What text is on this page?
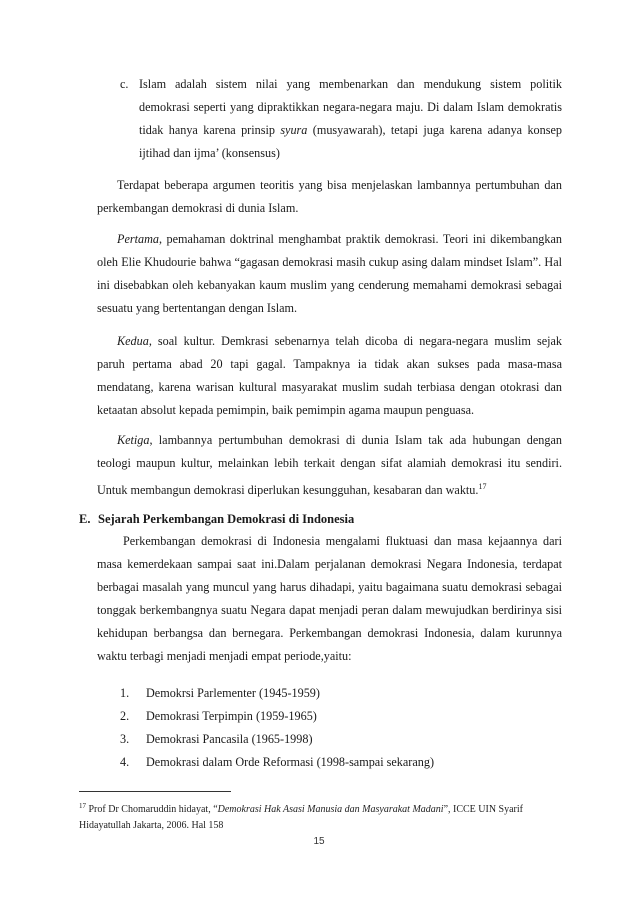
c. Islam adalah sistem nilai yang membenarkan dan mendukung sistem politik demokrasi seperti yang dipraktikkan negara-negara maju. Di dalam Islam demokratis tidak hanya karena prinsip syura (musyawarah), tetapi juga karena adanya konsep ijtihad dan ijma’ (konsensus)

Terdapat beberapa argumen teoritis yang bisa menjelaskan lambannya pertumbuhan dan perkembangan demokrasi di dunia Islam.

Pertama, pemahaman doktrinal menghambat praktik demokrasi. Teori ini dikembangkan oleh Elie Khudourie bahwa “gagasan demokrasi masih cukup asing dalam mindset Islam”. Hal ini disebabkan oleh kebanyakan kaum muslim yang cenderung memahami demokrasi sebagai sesuatu yang bertentangan dengan Islam.

Kedua, soal kultur. Demkrasi sebenarnya telah dicoba di negara-negara muslim sejak paruh pertama abad 20 tapi gagal. Tampaknya ia tidak akan sukses pada masa-masa mendatang, karena warisan kultural masyarakat muslim sudah terbiasa dengan otokrasi dan ketaatan absolut kepada pemimpin, baik pemimpin agama maupun penguasa.

Ketiga, lambannya pertumbuhan demokrasi di dunia Islam tak ada hubungan dengan teologi maupun kultur, melainkan lebih terkait dengan sifat alamiah demokrasi itu sendiri. Untuk membangun demokrasi diperlukan kesungguhan, kesabaran dan waktu.$^{17}$

E. Sejarah Perkembangan Demokrasi di Indonesia

Perkembangan demokrasi di Indonesia mengalami fluktuasi dan masa kejaannya dari masa kemerdekaan sampai saat ini.Dalam perjalanan demokrasi Negara Indonesia, terdapat berbagai masalah yang muncul yang harus dihadapi, yaitu bagaimana suatu demokrasi sebagai tonggak berkembangnya suatu Negara dapat menjadi peran dalam mewujudkan berdirinya sisi kehidupan berbangsa dan bernegara. Perkembangan demokrasi Indonesia, dalam kurunnya waktu terbagi menjadi menjadi empat periode,yaitu:

1. Demokrsi Parlementer (1945-1959)
2. Demokrasi Terpimpin (1959-1965)
3. Demokrasi Pancasila (1965-1998)
4. Demokrasi dalam Orde Reformasi (1998-sampai sekarang)

$^{17}$ Prof Dr Chomaruddin hidayat, “Demokrasi Hak Asasi Manusia dan Masyarakat Madani”, ICCE UIN Syarif Hidayatullah Jakarta, 2006. Hal 158

15
